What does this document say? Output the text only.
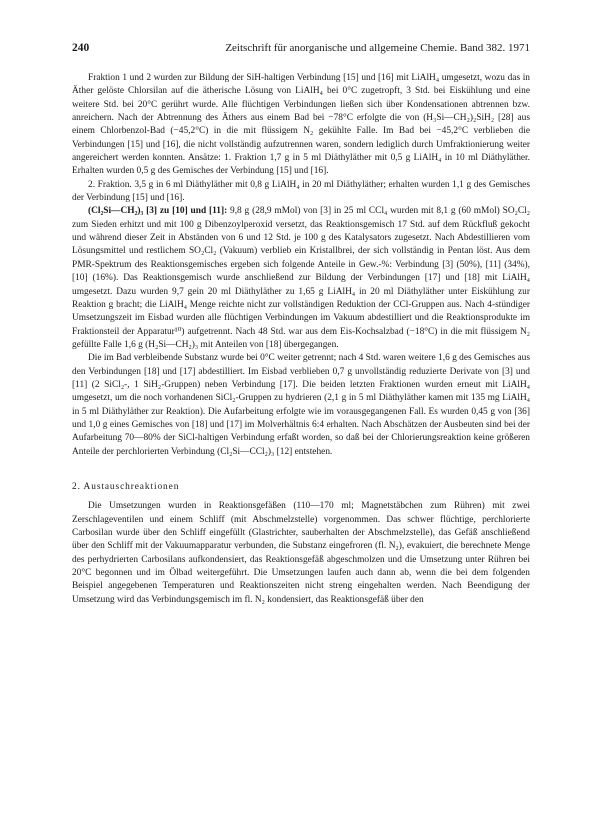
240	Zeitschrift für anorganische und allgemeine Chemie. Band 382. 1971

Fraktion 1 und 2 wurden zur Bildung der SiH-haltigen Verbindung [15] und [16] mit LiAlH₄ umgesetzt, wozu das in Äther gelöste Chlorsilan auf die ätherische Lösung von LiAlH₄ bei 0°C zugetropft, 3 Std. bei Eiskühlung und eine weitere Std. bei 20°C gerührt wurde. Alle flüchtigen Verbindungen ließen sich über Kondensationen abtrennen bzw. anreichern. Nach der Abtrennung des Äthers aus einem Bad bei −78°C erfolgte die von (H₃Si—CH₂)₂SiH₂ [28] aus einem Chlorbenzol-Bad (−45,2°C) in die mit flüssigem N₂ gekühlte Falle. Im Bad bei −45,2°C verblieben die Verbindungen [15] und [16], die nicht vollständig aufzutrennen waren, sondern lediglich durch Umfraktionierung weiter angereichert werden konnten. Ansätze: 1. Fraktion 1,7 g in 5 ml Diäthyläther mit 0,5 g LiAlH₄ in 10 ml Diäthyläther. Erhalten wurden 0,5 g des Gemisches der Verbindung [15] und [16].

2. Fraktion. 3,5 g in 6 ml Diäthyläther mit 0,8 g LiAlH₄ in 20 ml Diäthyläther; erhalten wurden 1,1 g des Gemisches der Verbindung [15] und [16].

(Cl₂Si—CH₂)₃ [3] zu [10] und [11]: 9,8 g (28,9 mMol) von [3] in 25 ml CCl₄ wurden mit 8,1 g (60 mMol) SO₂Cl₂ zum Sieden erhitzt und mit 100 g Dibenzoylperoxid versetzt, das Reaktionsgemisch 17 Std. auf dem Rückfluß gekocht und während dieser Zeit in Abständen von 6 und 12 Std. je 100 g des Katalysators zugesetzt. Nach Abdestillieren vom Lösungsmittel und restlichem SO₂Cl₂ (Vakuum) verblieb ein Kristallbrei, der sich vollständig in Pentan löst. Aus dem PMR-Spektrum des Reaktionsgemisches ergeben sich folgende Anteile in Gew.-%: Verbindung [3] (50%), [11] (34%), [10] (16%). Das Reaktionsgemisch wurde anschließend zur Bildung der Verbindungen [17] und [18] mit LiAlH₄ umgesetzt. Dazu wurden 9,7 gein 20 ml Diäthyläther zu 1,65 g LiAlH₄ in 20 ml Diäthyläther unter Eiskühlung zur Reaktion g bracht; die LiAlH₄ Menge reichte nicht zur vollständigen Reduktion der CCl-Gruppen aus. Nach 4-stündiger Umsetzungszeit im Eisbad wurden alle flüchtigen Verbindungen im Vakuum abdestilliert und die Reaktionsprodukte im Fraktionsteil der Apparatur¹⁰) aufgetrennt. Nach 48 Std. war aus dem Eis-Kochsalzbad (−18°C) in die mit flüssigem N₂ gefüllte Falle 1,6 g (H₂Si—CH₂)₃ mit Anteilen von [18] übergegangen.

Die im Bad verbleibende Substanz wurde bei 0°C weiter getrennt; nach 4 Std. waren weitere 1,6 g des Gemisches aus den Verbindungen [18] und [17] abdestilliert. Im Eisbad verblieben 0,7 g unvollständig reduzierte Derivate von [3] und [11] (2 SiCl₂-, 1 SiH₂-Gruppen) neben Verbindung [17]. Die beiden letzten Fraktionen wurden erneut mit LiAlH₄ umgesetzt, um die noch vorhandenen SiCl₂-Gruppen zu hydrieren (2,1 g in 5 ml Diäthyläther kamen mit 135 mg LiAlH₄ in 5 ml Diäthyläther zur Reaktion). Die Aufarbeitung erfolgte wie im vorausgegangenen Fall. Es wurden 0,45 g von [36] und 1,0 g eines Gemisches von [18] und [17] im Molverhältnis 6:4 erhalten. Nach Abschätzen der Ausbeuten sind bei der Aufarbeitung 70—80% der SiCl-haltigen Verbindung erfaßt worden, so daß bei der Chlorierungsreaktion keine größeren Anteile der perchlorierten Verbindung (Cl₂Si—CCl₂)₃ [12] entstehen.

2. Austauschreaktionen

Die Umsetzungen wurden in Reaktionsgefäßen (110—170 ml; Magnetstäbchen zum Rühren) mit zwei Zerschlageventilen und einem Schliff (mit Abschmelzstelle) vorgenommen. Das schwer flüchtige, perchlorierte Carbosilan wurde über den Schliff eingefüllt (Glastrichter, sauberhalten der Abschmelzstelle), das Gefäß anschließend über den Schliff mit der Vakuumapparatur verbunden, die Substanz eingefroren (fl. N₂), evakuiert, die berechnete Menge des perhydrierten Carbosilans aufkondensiert, das Reaktionsgefäß abgeschmolzen und die Umsetzung unter Rühren bei 20°C begonnen und im Ölbad weitergeführt. Die Umsetzungen laufen auch dann ab, wenn die bei dem folgenden Beispiel angegebenen Temperaturen und Reaktionszeiten nicht streng eingehalten werden. Nach Beendigung der Umsetzung wird das Verbindungsgemisch im fl. N₂ kondensiert, das Reaktionsgefäß über den
